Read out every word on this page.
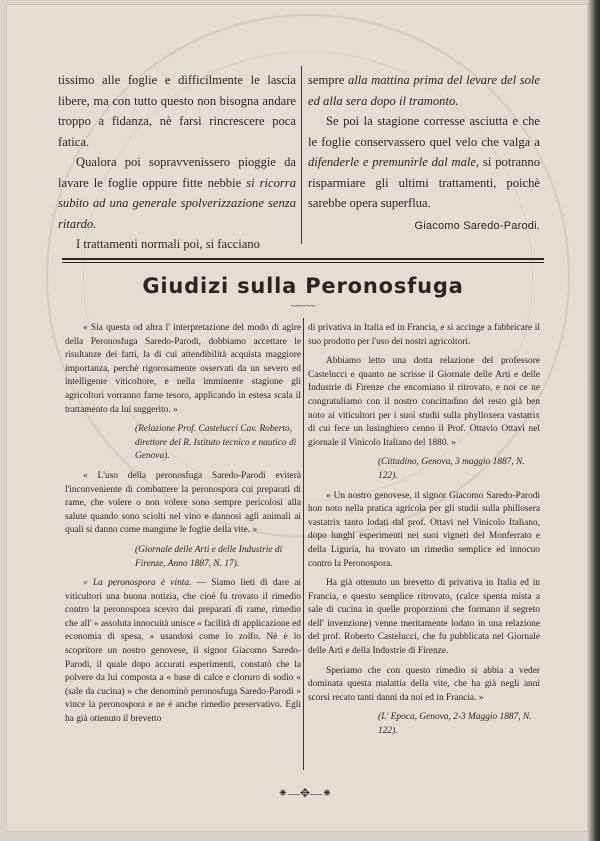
tissimo alle foglie e difficilmente le lascia libere, ma con tutto questo non bisogna andare troppo a fidanza, nè farsi rincrescere poca fatica.

Qualora poi sopravvenissero pioggie da lavare le foglie oppure fitte nebbie si ricorra subito ad una generale spolverizzazione senza ritardo.

I trattamenti normali poi, si facciano

sempre alla mattina prima del levare del sole ed alla sera dopo il tramonto.

Se poi la stagione corresse asciutta e che le foglie conservassero quel velo che valga a difenderle e premunirle dal male, si potranno risparmiare gli ultimi trattamenti, poichè sarebbe opera superflua.

Giacomo Saredo-Parodi.
Giudizi sulla Peronosfuga
~~~~~
« Sia questa od altra l' interpretazione del modo di agire della Peronosfuga Saredo-Parodi, dobbiamo accettare le risultanze dei fatti, la di cui attendibilità acquista maggiore importanza, perchè rigorosamente osservati da un severo ed intelligente viticoltore, e nella imminente stagione gli agricoltori vorranno farne tesoro, applicando in estesa scala il trattamento da lui suggerito. »
(Relazione Prof. Castelucci Cav. Roberto, direttore del R. Istituto tecnico e nautico di Genova).
« L'uso della peronosfuga Saredo-Parodi eviterà l'inconveniente di combattere la peronospora coi preparati di rame, che volere o non volere sono sempre pericolosi alla salute quando sono sciolti nel vino e dannosi agli animali ai quali si danno come mangime le foglie della vite. »
(Giornale delle Arti e delle Industrie di Firenze, Anno 1887, N. 17).
« La peronospora è vinta. — Siamo lieti di dare ai viticultori una buona notizia, che cioè fu trovato il rimedio contro la peronospora scevro dai preparati di rame, rimedio che all' « assoluta innocuità unisce « facilità di applicazione ed economia di spesa, » usandosi come lo zolfo. Nè è lo scopritore un nostro genovese, il signor Giacomo Saredo-Parodi, il quale dopo accurati esperimenti, constatò che la polvere da lui composta a « base di calce e cloruro di sodio « (sale da cucina) » che denominò peronosfuga Saredo-Parodi » vince la peronospora e ne è anche rimedio preservativo. Egli ha già ottenuto il brevetto
di privativa in Italia ed in Francia, e si accinge a fabbricare il suo prodotto per l'uso dei nostri agricoltori.
Abbiamo letto una dotta relazione del professore Castelucci e quanto ne scrisse il Giornale delle Arti e delle Industrie di Firenze che encomiano il ritrovato, e noi ce ne congratuliamo con il nostro concittadino del resto già ben noto ai viticultori per i suoi studii sulla phylloxera vastatrix di cui fece un lusinghiero cenno il Prof. Ottavio Ottavi nel giornale il Vinicolo Italiano del 1880. »
(Cittadino, Genova, 3 maggio 1887, N. 122).
« Un nostro genovese, il signor Giacomo Saredo-Parodi hon noto nella pratica agricola per gli studii sulla phillosera vastatrix tanto lodati dal prof. Ottavi nel Vinicolo Italiano, dopo lunghi esperimenti nei suoi vigneti del Monferrato e della Liguria, ha trovato un rimedio semplice ed innocuo contro la Peronospora.
Ha già ottenuto un brevetto di privativa in Italia ed in Francia, e questo semplice ritrovato, (calce spenta mista a sale di cucina in quelle proporzioni che formano il segreto dell' invenzione) venne meritamente lodato in una relazione del prof. Roberto Castelucci, che fu pubblicata nel Giornale delle Arti e della Industrie di Firenze.
Speriamo che con questo rimedio si abbia a veder dominata questa malattia della vite, che ha già negli anni scorsi recato tanti danni da noi ed in Francia. »
(L' Epoca, Genova, 2-3 Maggio 1887, N. 122).
⁕—✥—⁕
